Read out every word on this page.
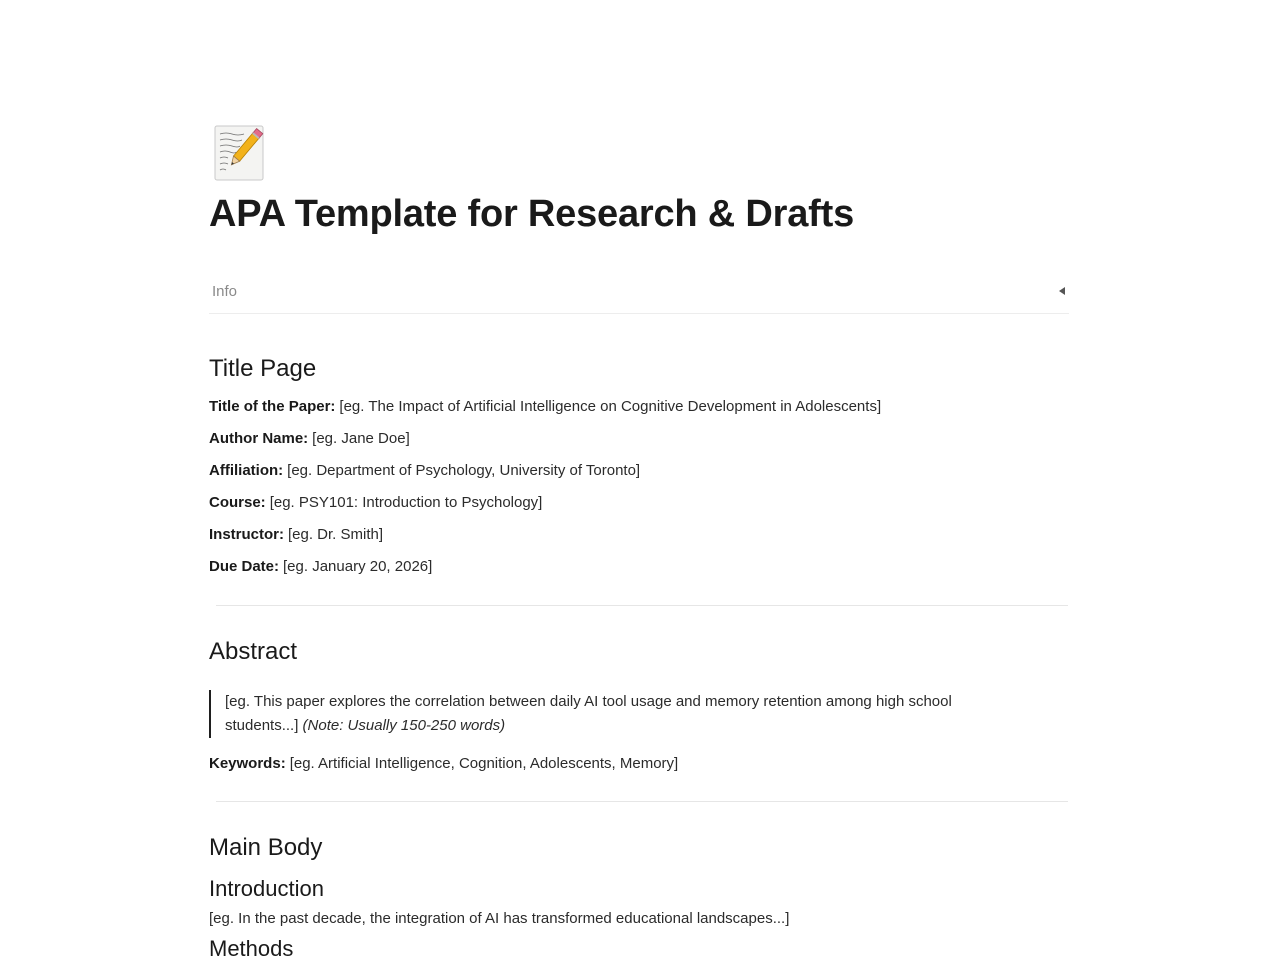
APA Template for Research & Drafts
Info
Title Page
Title of the Paper: [eg. The Impact of Artificial Intelligence on Cognitive Development in Adolescents]
Author Name: [eg. Jane Doe]
Affiliation: [eg. Department of Psychology, University of Toronto]
Course: [eg. PSY101: Introduction to Psychology]
Instructor: [eg. Dr. Smith]
Due Date: [eg. January 20, 2026]
Abstract
[eg. This paper explores the correlation between daily AI tool usage and memory retention among high school students...] (Note: Usually 150-250 words)
Keywords: [eg. Artificial Intelligence, Cognition, Adolescents, Memory]
Main Body
Introduction
[eg. In the past decade, the integration of AI has transformed educational landscapes...]
Methods
